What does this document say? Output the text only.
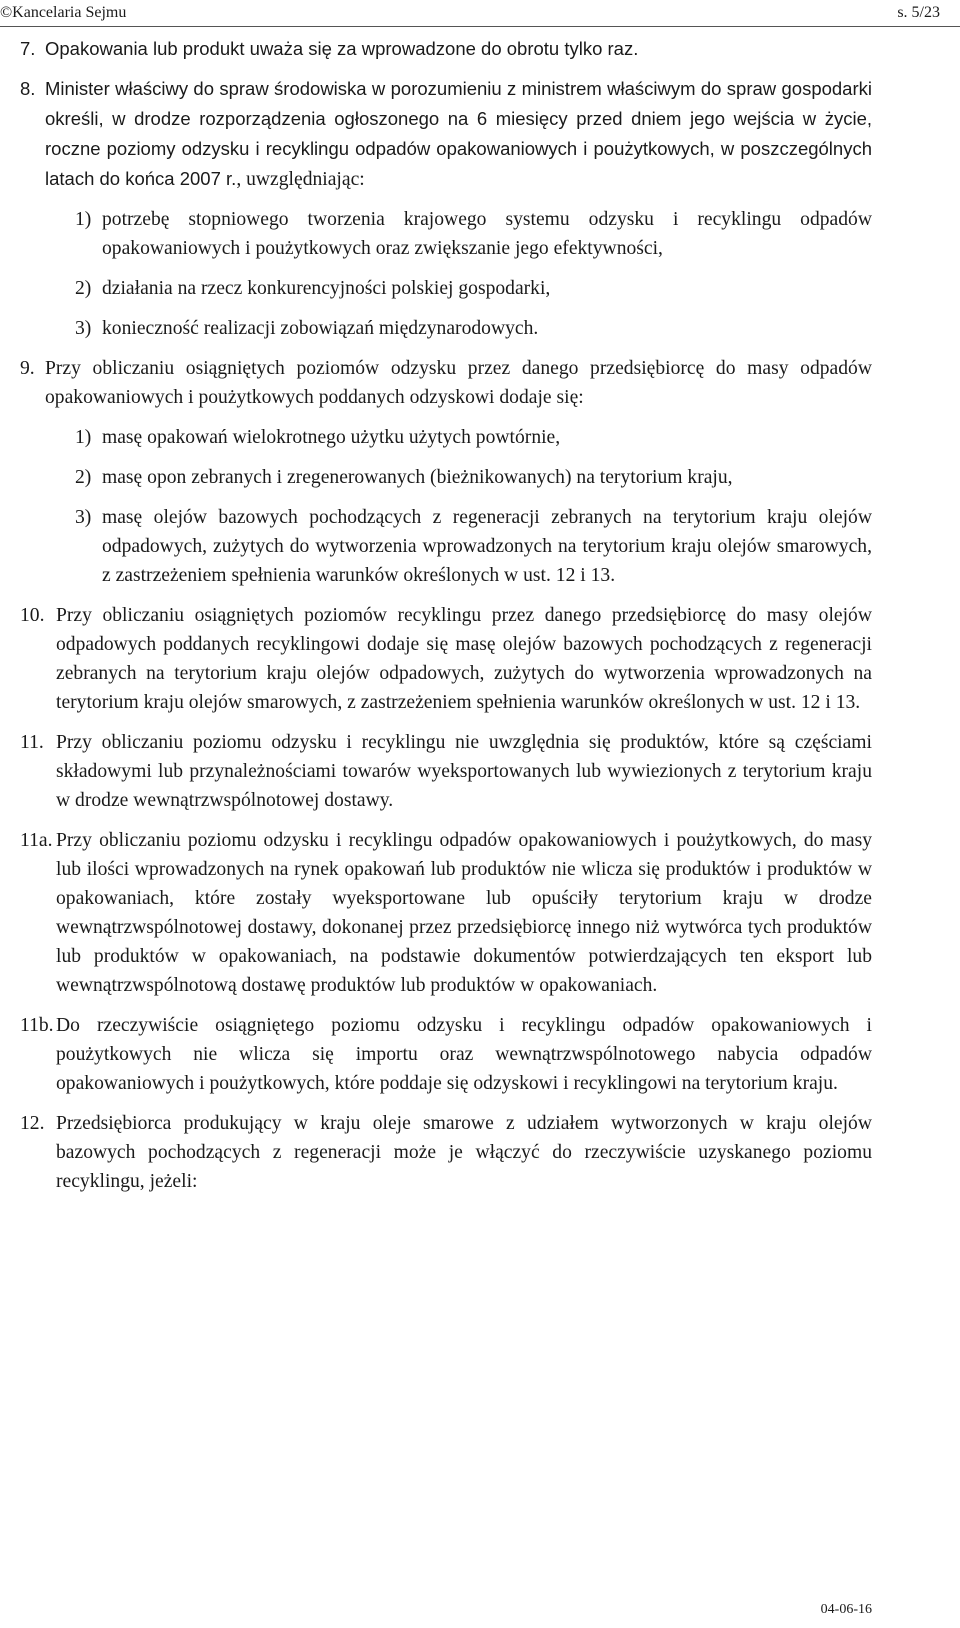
©Kancelaria Sejmu	s. 5/23
7. Opakowania lub produkt uważa się za wprowadzone do obrotu tylko raz.
8. Minister właściwy do spraw środowiska w porozumieniu z ministrem właściwym do spraw gospodarki określi, w drodze rozporządzenia ogłoszonego na 6 miesięcy przed dniem jego wejścia w życie, roczne poziomy odzysku i recyklingu odpadów opakowaniowych i poużytkowych, w poszczególnych latach do końca 2007 r., uwzględniając:
1) potrzebę stopniowego tworzenia krajowego systemu odzysku i recyklingu odpadów opakowaniowych i poużytkowych oraz zwiększanie jego efektywności,
2) działania na rzecz konkurencyjności polskiej gospodarki,
3) konieczność realizacji zobowiązań międzynarodowych.
9. Przy obliczaniu osiągniętych poziomów odzysku przez danego przedsiębiorcę do masy odpadów opakowaniowych i poużytkowych poddanych odzyskowi dodaje się:
1) masę opakowań wielokrotnego użytku użytych powtórnie,
2) masę opon zebranych i zregenerowanych (bieżnikowanych) na terytorium kraju,
3) masę olejów bazowych pochodzących z regeneracji zebranych na terytorium kraju olejów odpadowych, zużytych do wytworzenia wprowadzonych na terytorium kraju olejów smarowych, z zastrzeżeniem spełnienia warunków określonych w ust. 12 i 13.
10. Przy obliczaniu osiągniętych poziomów recyklingu przez danego przedsiębiorcę do masy olejów odpadowych poddanych recyklingowi dodaje się masę olejów bazowych pochodzących z regeneracji zebranych na terytorium kraju olejów odpadowych, zużytych do wytworzenia wprowadzonych na terytorium kraju olejów smarowych, z zastrzeżeniem spełnienia warunków określonych w ust. 12 i 13.
11. Przy obliczaniu poziomu odzysku i recyklingu nie uwzględnia się produktów, które są częściami składowymi lub przynależnościami towarów wyeksportowanych lub wywiezionych z terytorium kraju w drodze wewnątrzwspólnotowej dostawy.
11a. Przy obliczaniu poziomu odzysku i recyklingu odpadów opakowaniowych i poużytkowych, do masy lub ilości wprowadzonych na rynek opakowań lub produktów nie wlicza się produktów i produktów w opakowaniach, które zostały wyeksportowane lub opuściły terytorium kraju w drodze wewnątrzwspólnotowej dostawy, dokonanej przez przedsiębiorcę innego niż wytwórca tych produktów lub produktów w opakowaniach, na podstawie dokumentów potwierdzających ten eksport lub wewnątrzwspólnotową dostawę produktów lub produktów w opakowaniach.
11b. Do rzeczywiście osiągniętego poziomu odzysku i recyklingu odpadów opakowaniowych i poużytkowych nie wlicza się importu oraz wewnątrzwspólnotowego nabycia odpadów opakowaniowych i poużytkowych, które poddaje się odzyskowi i recyklingowi na terytorium kraju.
12. Przedsiębiorca produkujący w kraju oleje smarowe z udziałem wytworzonych w kraju olejów bazowych pochodzących z regeneracji może je włączyć do rzeczywiście uzyskanego poziomu recyklingu, jeżeli:
04-06-16
